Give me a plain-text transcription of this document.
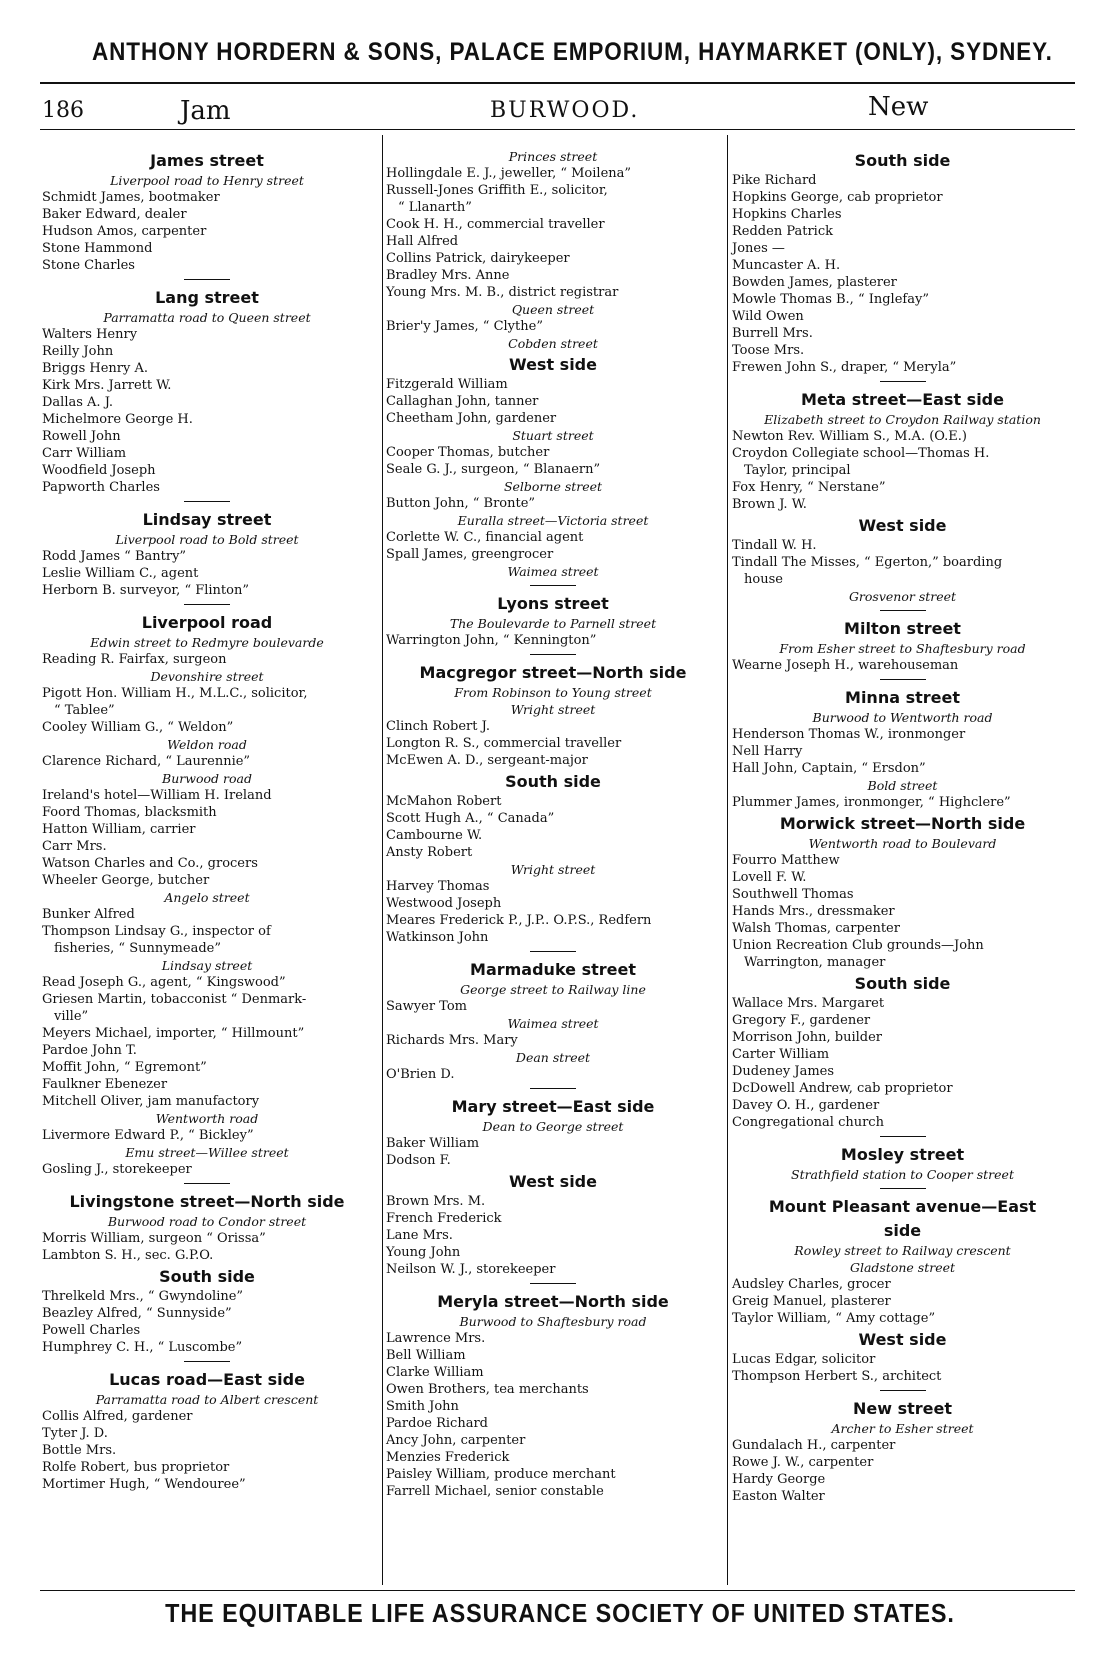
ANTHONY HORDERN & SONS, PALACE EMPORIUM, HAYMARKET (ONLY), SYDNEY.
186	Jam	BURWOOD.	New
James street
Liverpool road to Henry street
Schmidt James, bootmaker
Baker Edward, dealer
Hudson Amos, carpenter
Stone Hammond
Stone Charles
Lang street
Parramatta road to Queen street
Walters Henry
Reilly John
Briggs Henry A.
Kirk Mrs. Jarrett W.
Dallas A. J.
Michelmore George H.
Rowell John
Carr William
Woodfield Joseph
Papworth Charles
Lindsay street
Liverpool road to Bold street
Rodd James “ Bantry”
Leslie William C., agent
Herborn B. surveyor, “ Flinton”
Liverpool road
Edwin street to Redmyre boulevarde
Reading R. Fairfax, surgeon
Devonshire street
Pigott Hon. William H., M.L.C., solicitor,
“ Tablee”
Cooley William G., “ Weldon”
Weldon road
Clarence Richard, “ Laurennie”
Burwood road
Ireland's hotel—William H. Ireland
Foord Thomas, blacksmith
Hatton William, carrier
Carr Mrs.
Watson Charles and Co., grocers
Wheeler George, butcher
Angelo street
Bunker Alfred
Thompson Lindsay G., inspector of
fisheries, “ Sunnymeade”
Lindsay street
Read Joseph G., agent, “ Kingswood”
Griesen Martin, tobacconist “ Denmark-
ville”
Meyers Michael, importer, “ Hillmount”
Pardoe John T.
Moffit John, “ Egremont”
Faulkner Ebenezer
Mitchell Oliver, jam manufactory
Wentworth road
Livermore Edward P., “ Bickley”
Emu street—Willee street
Gosling J., storekeeper
Livingstone street—North side
Burwood road to Condor street
Morris William, surgeon “ Orissa”
Lambton S. H., sec. G.P.O.
South side
Threlkeld Mrs., “ Gwyndoline”
Beazley Alfred, “ Sunnyside”
Powell Charles
Humphrey C. H., “ Luscombe”
Lucas road—East side
Parramatta road to Albert crescent
Collis Alfred, gardener
Tyter J. D.
Bottle Mrs.
Rolfe Robert, bus proprietor
Mortimer Hugh, “ Wendouree”
Princes street
Hollingdale E. J., jeweller, “ Moilena”
Russell-Jones Griffith E., solicitor,
“ Llanarth”
Cook H. H., commercial traveller
Hall Alfred
Collins Patrick, dairykeeper
Bradley Mrs. Anne
Young Mrs. M. B., district registrar
Queen street
Brier'y James, “ Clythe”
Cobden street
West side
Fitzgerald William
Callaghan John, tanner
Cheetham John, gardener
Stuart street
Cooper Thomas, butcher
Seale G. J., surgeon, “ Blanaern”
Selborne street
Button John, “ Bronte”
Euralla street—Victoria street
Corlette W. C., financial agent
Spall James, greengrocer
Waimea street
Lyons street
The Boulevarde to Parnell street
Warrington John, “ Kennington”
Macgregor street—North side
From Robinson to Young street
Wright street
Clinch Robert J.
Longton R. S., commercial traveller
McEwen A. D., sergeant-major
South side
McMahon Robert
Scott Hugh A., “ Canada”
Cambourne W.
Ansty Robert
Wright street
Harvey Thomas
Westwood Joseph
Meares Frederick P., J.P.. O.P.S., Redfern
Watkinson John
Marmaduke street
George street to Railway line
Sawyer Tom
Waimea street
Richards Mrs. Mary
Dean street
O'Brien D.
Mary street—East side
Dean to George street
Baker William
Dodson F.
West side
Brown Mrs. M.
French Frederick
Lane Mrs.
Young John
Neilson W. J., storekeeper
Meryla street—North side
Burwood to Shaftesbury road
Lawrence Mrs.
Bell William
Clarke William
Owen Brothers, tea merchants
Smith John
Pardoe Richard
Ancy John, carpenter
Menzies Frederick
Paisley William, produce merchant
Farrell Michael, senior constable
South side
Pike Richard
Hopkins George, cab proprietor
Hopkins Charles
Redden Patrick
Jones —
Muncaster A. H.
Bowden James, plasterer
Mowle Thomas B., “ Inglefay”
Wild Owen
Burrell Mrs.
Toose Mrs.
Frewen John S., draper, “ Meryla”
Meta street—East side
Elizabeth street to Croydon Railway station
Newton Rev. William S., M.A. (O.E.)
Croydon Collegiate school—Thomas H.
Taylor, principal
Fox Henry, “ Nerstane”
Brown J. W.
West side
Tindall W. H.
Tindall The Misses, “ Egerton,” boarding
house
Grosvenor street
Milton street
From Esher street to Shaftesbury road
Wearne Joseph H., warehouseman
Minna street
Burwood to Wentworth road
Henderson Thomas W., ironmonger
Nell Harry
Hall John, Captain, “ Ersdon”
Bold street
Plummer James, ironmonger, “ Highclere”
Morwick street—North side
Wentworth road to Boulevard
Fourro Matthew
Lovell F. W.
Southwell Thomas
Hands Mrs., dressmaker
Walsh Thomas, carpenter
Union Recreation Club grounds—John
Warrington, manager
South side
Wallace Mrs. Margaret
Gregory F., gardener
Morrison John, builder
Carter William
Dudeney James
DcDowell Andrew, cab proprietor
Davey O. H., gardener
Congregational church
Mosley street
Strathfield station to Cooper street
Mount Pleasant avenue—East
side
Rowley street to Railway crescent
Gladstone street
Audsley Charles, grocer
Greig Manuel, plasterer
Taylor William, “ Amy cottage”
West side
Lucas Edgar, solicitor
Thompson Herbert S., architect
New street
Archer to Esher street
Gundalach H., carpenter
Rowe J. W., carpenter
Hardy George
Easton Walter
THE EQUITABLE LIFE ASSURANCE SOCIETY OF UNITED STATES.
